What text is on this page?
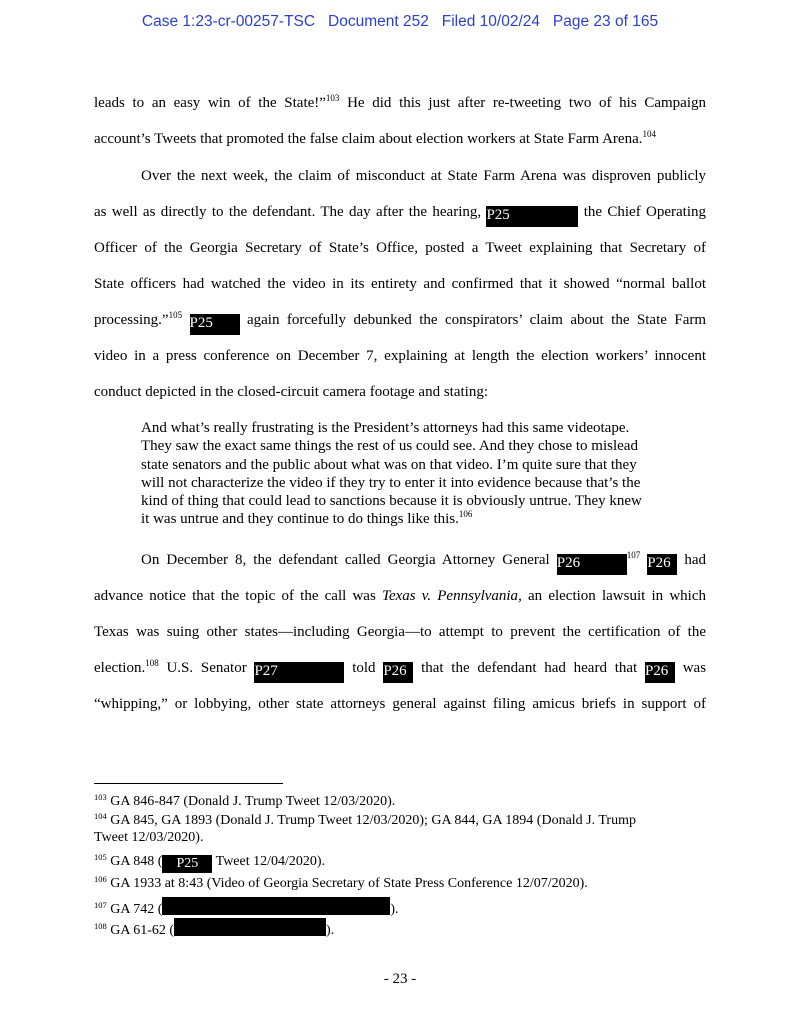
Case 1:23-cr-00257-TSC Document 252 Filed 10/02/24 Page 23 of 165
leads to an easy win of the State!”$^{103}$ He did this just after re-tweeting two of his Campaign
account’s Tweets that promoted the false claim about election workers at State Farm Arena.$^{104}$
Over the next week, the claim of misconduct at State Farm Arena was disproven publicly
as well as directly to the defendant. The day after the hearing, P25	the Chief Operating
Officer of the Georgia Secretary of State’s Office, posted a Tweet explaining that Secretary of
State officers had watched the video in its entirety and confirmed that it showed “normal ballot
processing.”$^{105}$ P25 again forcefully debunked the conspirators’ claim about the State Farm
video in a press conference on December 7, explaining at length the election workers’ innocent
conduct depicted in the closed-circuit camera footage and stating:
And what’s really frustrating is the President’s attorneys had this same videotape.
They saw the exact same things the rest of us could see. And they chose to mislead
state senators and the public about what was on that video. I’m quite sure that they
will not characterize the video if they try to enter it into evidence because that’s the
kind of thing that could lead to sanctions because it is obviously untrue. They knew
it was untrue and they continue to do things like this.$^{106}$
On December 8, the defendant called Georgia Attorney General P26	$^{107}$ P26 had
advance notice that the topic of the call was Texas v. Pennsylvania, an election lawsuit in which
Texas was suing other states—including Georgia—to attempt to prevent the certification of the
election.$^{108}$ U.S. Senator P27	told P26 that the defendant had heard that P26 was
“whipping,” or lobbying, other state attorneys general against filing amicus briefs in support of
$^{103}$ GA 846-847 (Donald J. Trump Tweet 12/03/2020).
$^{104}$ GA 845, GA 1893 (Donald J. Trump Tweet 12/03/2020); GA 844, GA 1894 (Donald J. Trump
Tweet 12/03/2020).
$^{105}$ GA 848 ( P25 Tweet 12/04/2020).
$^{106}$ GA 1933 at 8:43 (Video of Georgia Secretary of State Press Conference 12/07/2020).
$^{107}$ GA 742 (	).
$^{108}$ GA 61-62 (	).
- 23 -
